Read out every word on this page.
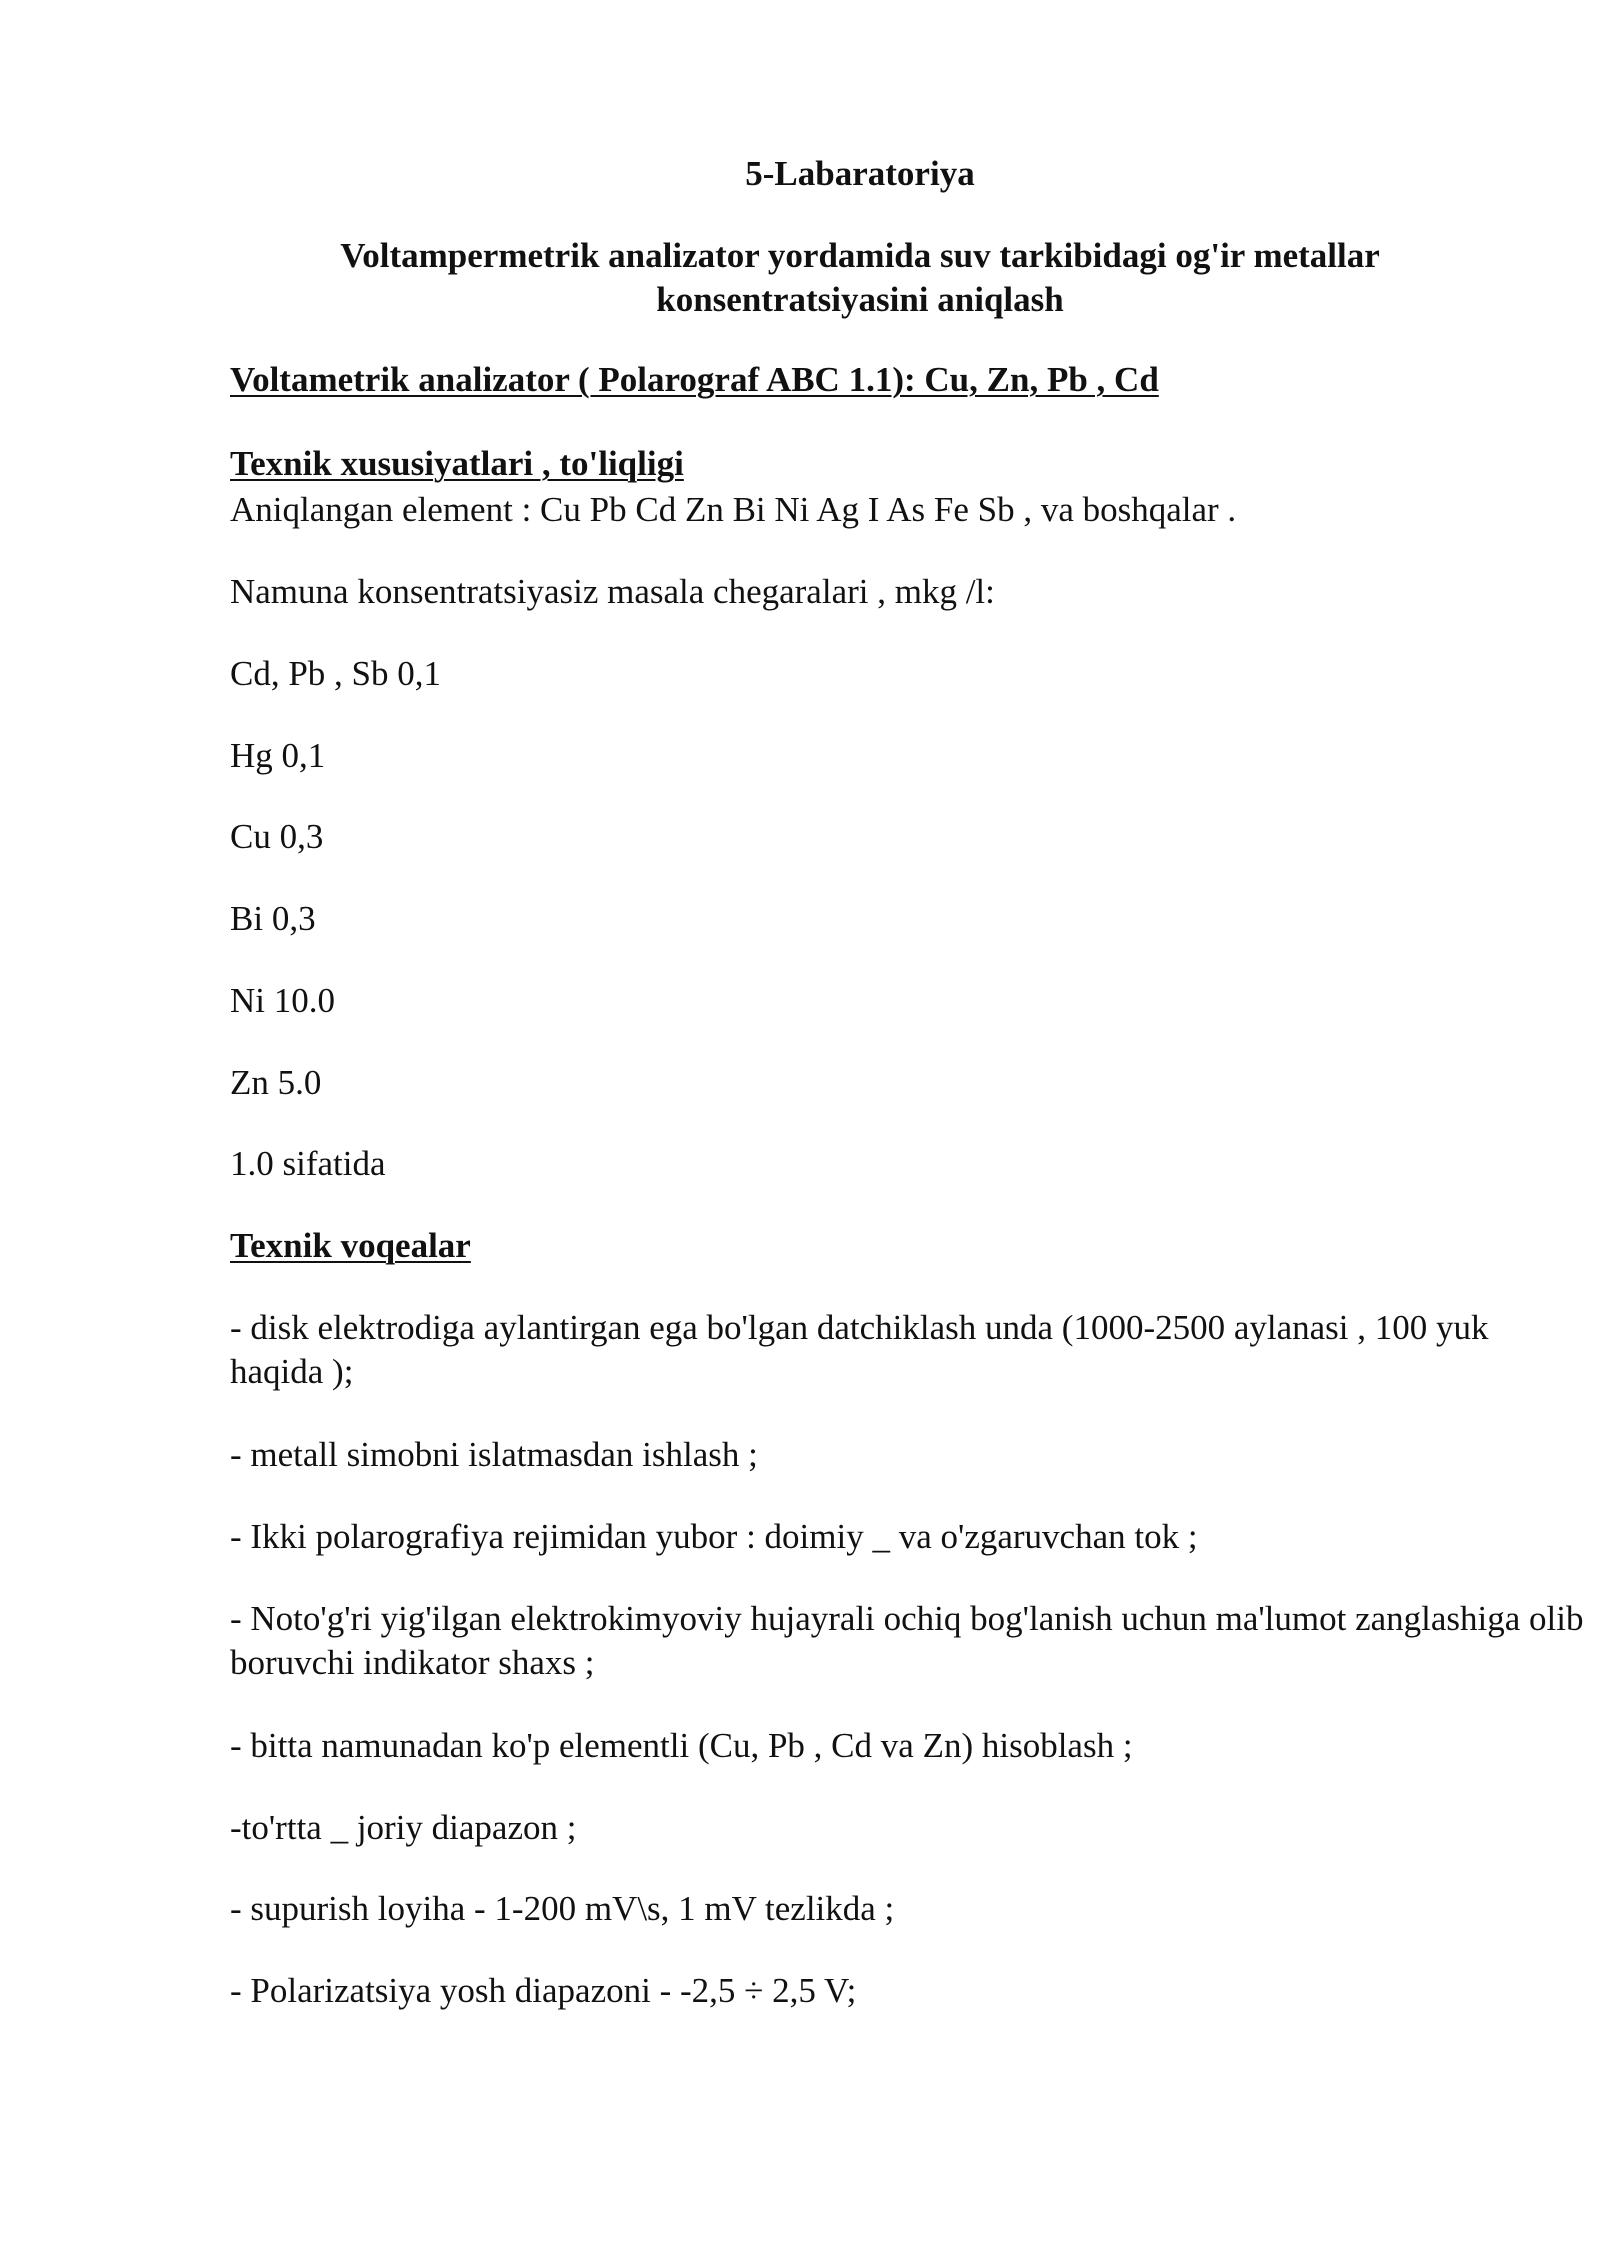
5-Labaratoriya
Voltampermetrik analizator yordamida suv tarkibidagi og'ir metallar konsentratsiyasini aniqlash

Voltametrik analizator ( Polarograf ABC 1.1): Cu, Zn, Pb , Cd

Texnik xususiyatlari , to'liqligi

Aniqlangan element : Cu Pb Cd Zn Bi Ni Ag I As Fe Sb , va boshqalar .

Namuna konsentratsiyasiz masala chegaralari , mkg /l:

Cd, Pb , Sb 0,1

Hg 0,1

Cu 0,3

Bi 0,3

Ni 10.0

Zn 5.0

1.0 sifatida

Texnik voqealar

- disk elektrodiga aylantirgan ega bo'lgan datchiklash unda (1000-2500 aylanasi , 100 yuk haqida );

- metall simobni islatmasdan ishlash ;

- Ikki polarografiya rejimidan yubor : doimiy _ va o'zgaruvchan tok ;

- Noto'g'ri yig'ilgan elektrokimyoviy hujayrali ochiq bog'lanish uchun ma'lumot zanglashiga olib boruvchi indikator shaxs ;

- bitta namunadan ko'p elementli (Cu, Pb , Cd va Zn) hisoblash ;

-to'rtta _ joriy diapazon ;

- supurish loyiha - 1-200 mV\s, 1 mV tezlikda ;

- Polarizatsiya yosh diapazoni - -2,5 ÷ 2,5 V;
